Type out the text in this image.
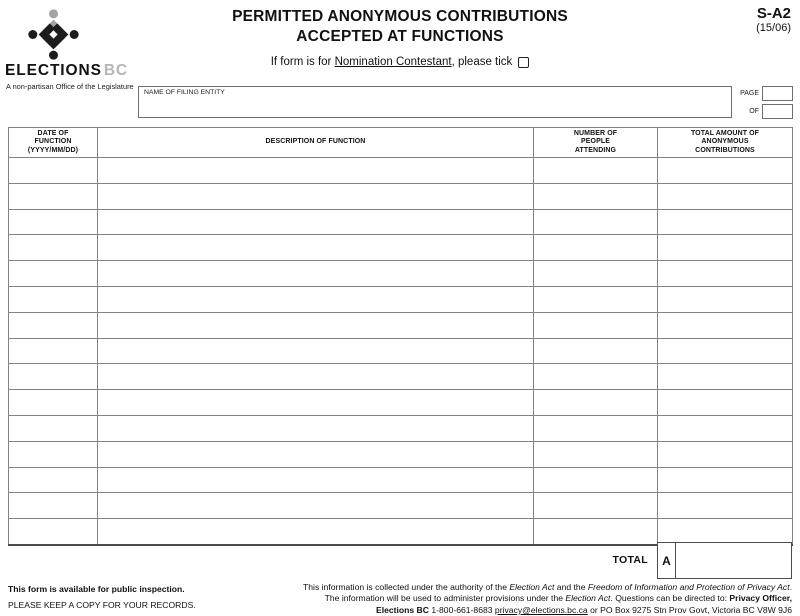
ELECTIONS BC
A non-partisan Office of the Legislature
PERMITTED ANONYMOUS CONTRIBUTIONS
ACCEPTED AT FUNCTIONS
If form is for Nomination Contestant , please tick
S-A2
(15/06)
NAME OF FILING ENTITY	PAGE
OF
DATE OF
FUNCTION
(YYYY/MM/DD)

DESCRIPTION OF FUNCTION

NUMBER OF
PEOPLE
ATTENDING

TOTAL AMOUNT OF
ANONYMOUS
CONTRIBUTIONS

TOTAL	A
This form is available for public inspection.
PLEASE KEEP A COPY FOR YOUR RECORDS.
This information is collected under the authority of the Election Act and the Freedom of Information and Protection of Privacy Act.
The information will be used to administer provisions under the Election Act. Questions can be directed to: Privacy Officer,
Elections BC 1-800-661-8683 privacy@elections.bc.ca or PO Box 9275 Stn Prov Govt, Victoria BC V8W 9J6
